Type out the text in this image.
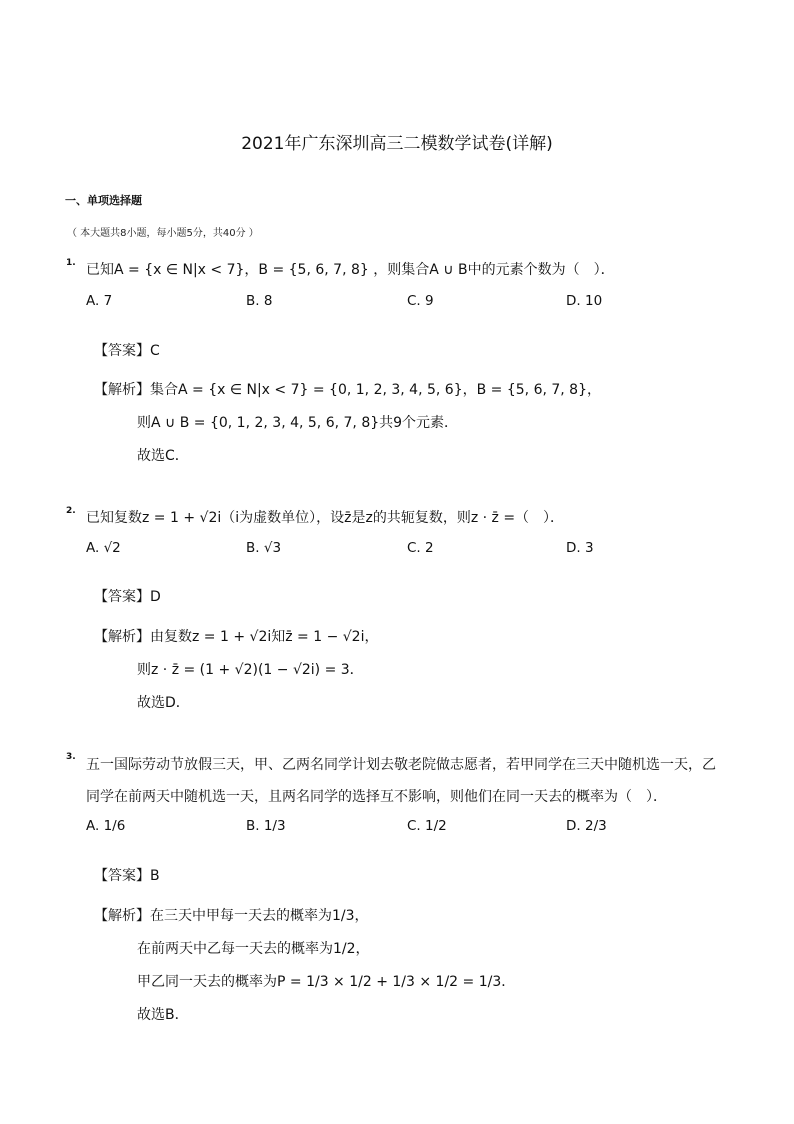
2021年广东深圳高三二模数学试卷(详解)
一、单项选择题
（ 本大题共8小题，每小题5分，共40分 ）
1. 已知A = {x ∈ N|x < 7}，B = {5, 6, 7, 8} ，则集合A ∪ B中的元素个数为（　）．
A. 7	B. 8	C. 9	D. 10
【答案】C
【解析】集合A = {x ∈ N|x < 7} = {0, 1, 2, 3, 4, 5, 6}，B = {5, 6, 7, 8}，
则A ∪ B = {0, 1, 2, 3, 4, 5, 6, 7, 8}共9个元素．
故选C．
2. 已知复数z = 1 + √2i（i为虚数单位），设z̄是z的共轭复数，则z · z̄ =（　）．
A. √2	B. √3	C. 2	D. 3
【答案】D
【解析】由复数z = 1 + √2i知z̄ = 1 − √2i，
则z · z̄ = (1 + √2)(1 − √2i) = 3．
故选D．
3. 五一国际劳动节放假三天，甲、乙两名同学计划去敬老院做志愿者，若甲同学在三天中随机选一天，乙
同学在前两天中随机选一天，且两名同学的选择互不影响，则他们在同一天去的概率为（　）．
A. 1/6	B. 1/3	C. 1/2	D. 2/3
【答案】B
【解析】在三天中甲每一天去的概率为1/3，
在前两天中乙每一天去的概率为1/2，
甲乙同一天去的概率为P = 1/3 × 1/2 + 1/3 × 1/2 = 1/3．
故选B．
